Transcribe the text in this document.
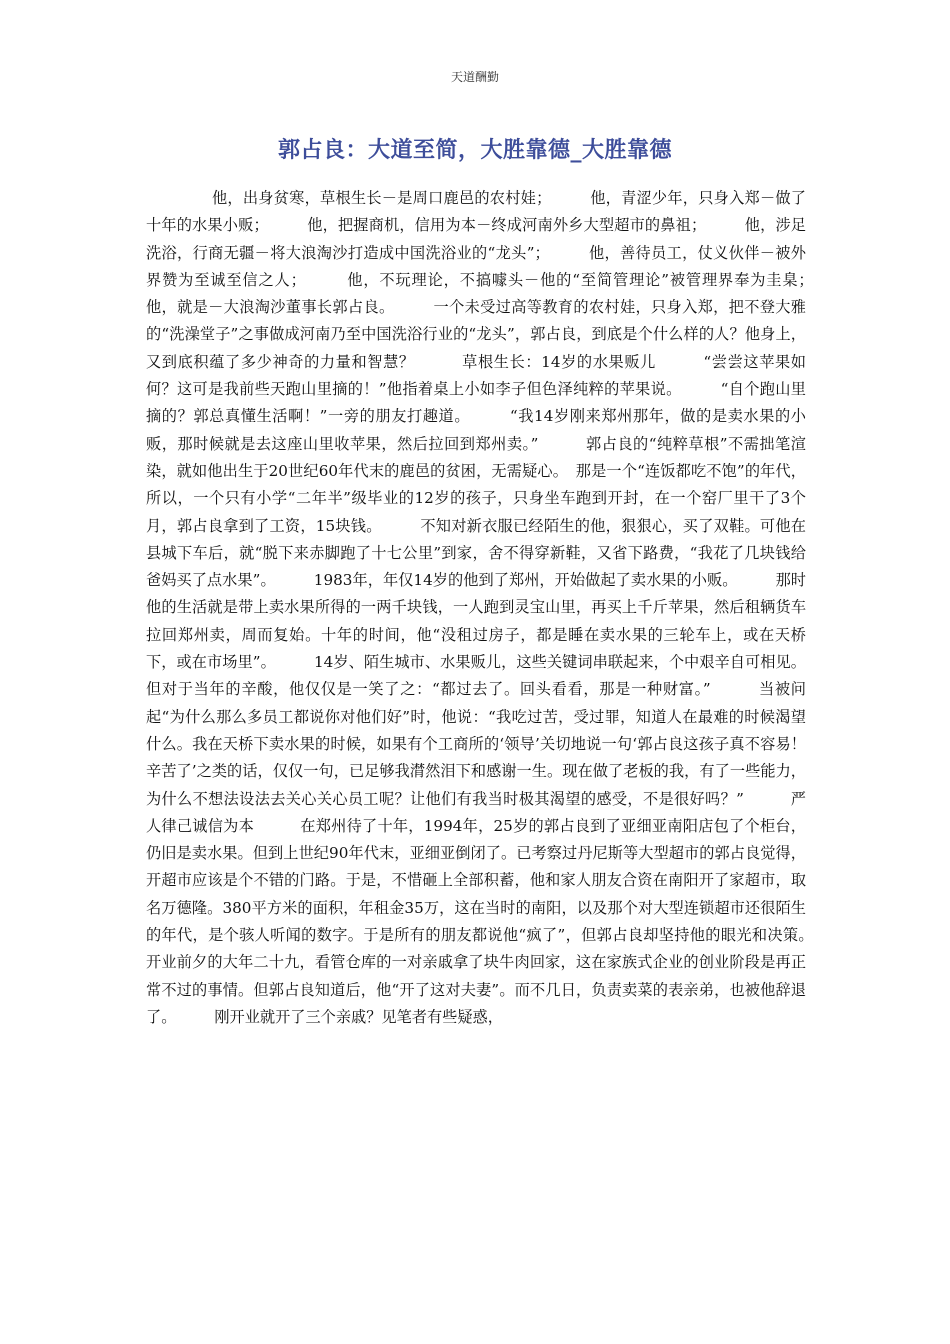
天道酬勤
郭占良：大道至简，大胜靠德_大胜靠德
他，出身贫寒，草根生长－是周口鹿邑的农村娃；　　　他，青涩少年，只身入郑－做了十年的水果小贩；　　　他，把握商机，信用为本－终成河南外乡大型超市的鼻祖；　　　他，涉足洗浴，行商无疆－将大浪淘沙打造成中国洗浴业的“龙头”；　　　他，善待员工，仗义伙伴－被外界赞为至诚至信之人；　　　他，不玩理论，不搞噱头－他的“至简管理论”被管理界奉为圭臬；　　　他，就是－大浪淘沙董事长郭占良。　　　一个未受过高等教育的农村娃，只身入郑，把不登大雅的“洗澡堂子”之事做成河南乃至中国洗浴行业的“龙头”，郭占良，到底是个什么样的人？他身上，又到底积蕴了多少神奇的力量和智慧？　　　草根生长：14岁的水果贩儿　　　“尝尝这苹果如何？这可是我前些天跑山里摘的！”他指着桌上小如李子但色泽纯粹的苹果说。　　　“自个跑山里摘的？郭总真懂生活啊！”一旁的朋友打趣道。　　　“我14岁刚来郑州那年，做的是卖水果的小贩，那时候就是去这座山里收苹果，然后拉回到郑州卖。”　　　郭占良的“纯粹草根”不需拙笔渲染，就如他出生于20世纪60年代末的鹿邑的贫困，无需疑心。　那是一个“连饭都吃不饱”的年代，所以，一个只有小学“二年半”级毕业的12岁的孩子，只身坐车跑到开封，在一个窑厂里干了3个月，郭占良拿到了工资，15块钱。　　　不知对新衣服已经陌生的他，狠狠心，买了双鞋。可他在县城下车后，就“脱下来赤脚跑了十七公里”到家，舍不得穿新鞋，又省下路费，“我花了几块钱给爸妈买了点水果”。　　　1983年，年仅14岁的他到了郑州，开始做起了卖水果的小贩。　　　那时他的生活就是带上卖水果所得的一两千块钱，一人跑到灵宝山里，再买上千斤苹果，然后租辆货车拉回郑州卖，周而复始。十年的时间，他“没租过房子，都是睡在卖水果的三轮车上，或在天桥下，或在市场里”。　　　14岁、陌生城市、水果贩儿，这些关键词串联起来，个中艰辛自可相见。但对于当年的辛酸，他仅仅是一笑了之：“都过去了。回头看看，那是一种财富。”　　　当被问起“为什么那么多员工都说你对他们好”时，他说：“我吃过苦，受过罪，知道人在最难的时候渴望什么。我在天桥下卖水果的时候，如果有个工商所的‘领导’关切地说一句‘郭占良这孩子真不容易！辛苦了’之类的话，仅仅一句，已足够我潸然泪下和感谢一生。现在做了老板的我，有了一些能力，为什么不想法设法去关心关心员工呢？让他们有我当时极其渴望的感受，不是很好吗？”　　　严人律己诚信为本　　　在郑州待了十年，1994年，25岁的郭占良到了亚细亚南阳店包了个柜台，仍旧是卖水果。但到上世纪90年代末，亚细亚倒闭了。已考察过丹尼斯等大型超市的郭占良觉得，开超市应该是个不错的门路。于是，不惜砸上全部积蓄，他和家人朋友合资在南阳开了家超市，取名万德隆。380平方米的面积，年租金35万，这在当时的南阳，以及那个对大型连锁超市还很陌生的年代，是个骇人听闻的数字。于是所有的朋友都说他“疯了”，但郭占良却坚持他的眼光和决策。　　　开业前夕的大年二十九，看管仓库的一对亲戚拿了块牛肉回家，这在家族式企业的创业阶段是再正常不过的事情。但郭占良知道后，他“开了这对夫妻”。而不几日，负责卖菜的表亲弟，也被他辞退了。　　　刚开业就开了三个亲戚？见笔者有些疑惑，
